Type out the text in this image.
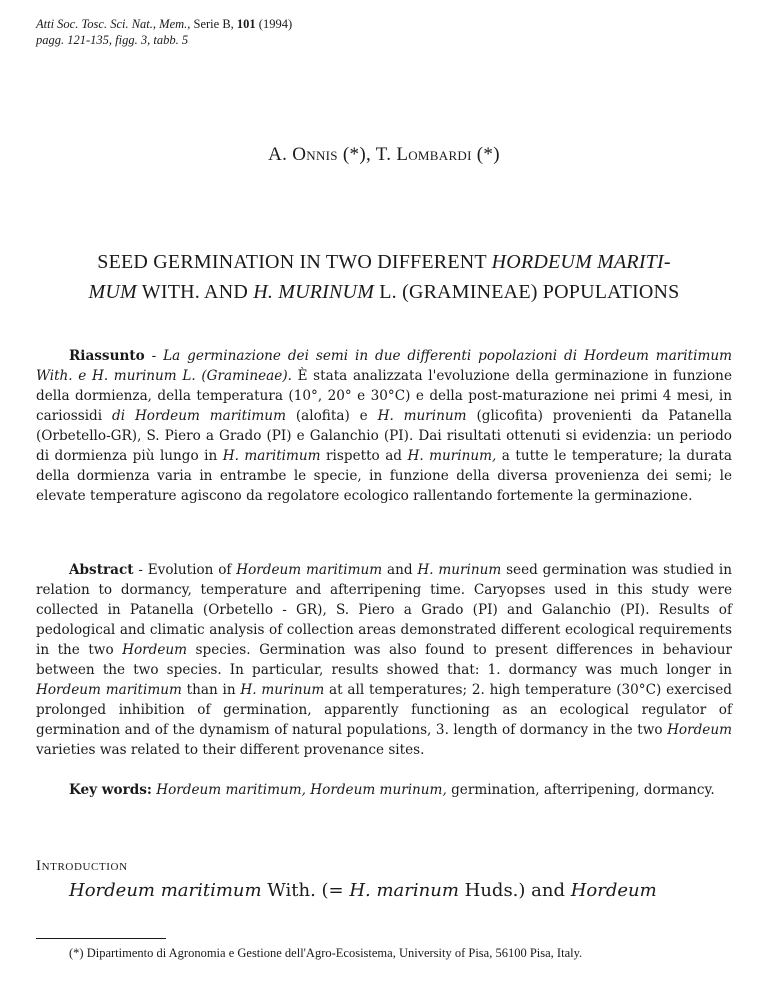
Atti Soc. Tosc. Sci. Nat., Mem., Serie B, 101 (1994)
pagg. 121-135, figg. 3, tabb. 5
A. Onnis (*), T. Lombardi (*)
SEED GERMINATION IN TWO DIFFERENT HORDEUM MARITI-
MUM WITH. AND H. MURINUM L. (GRAMINEAE) POPULATIONS

Riassunto - La germinazione dei semi in due differenti popolazioni di Hordeum maritimum With. e H. murinum L. (Gramineae). È stata analizzata l'evoluzione della germinazione in funzione della dormienza, della temperatura (10°, 20° e 30°C) e della post-maturazione nei primi 4 mesi, in cariossidi di Hordeum maritimum (alofita) e H. murinum (glicofita) provenienti da Patanella (Orbetello-GR), S. Piero a Grado (PI) e Galanchio (PI). Dai risultati ottenuti si evidenzia: un periodo di dormienza più lungo in H. maritimum rispetto ad H. murinum, a tutte le temperature; la durata della dormienza varia in entrambe le specie, in funzione della diversa provenienza dei semi; le elevate temperature agiscono da regolatore ecologico rallentando fortemente la germinazione.

Abstract - Evolution of Hordeum maritimum and H. murinum seed germination was studied in relation to dormancy, temperature and afterripening time. Caryopses used in this study were collected in Patanella (Orbetello - GR), S. Piero a Grado (PI) and Galanchio (PI). Results of pedological and climatic analysis of collection areas demonstrated different ecological requirements in the two Hordeum species. Germination was also found to present differences in behaviour between the two species. In particular, results showed that: 1. dormancy was much longer in Hordeum maritimum than in H. murinum at all temperatures; 2. high temperature (30°C) exercised prolonged inhibition of germination, apparently functioning as an ecological regulator of germination and of the dynamism of natural populations, 3. length of dormancy in the two Hordeum varieties was related to their different provenance sites.

Key words: Hordeum maritimum, Hordeum murinum, germination, afterripening, dormancy.

Introduction
Hordeum maritimum With. (= H. marinum Huds.) and Hordeum
(*) Dipartimento di Agronomia e Gestione dell'Agro-Ecosistema, University of Pisa, 56100 Pisa, Italy.
